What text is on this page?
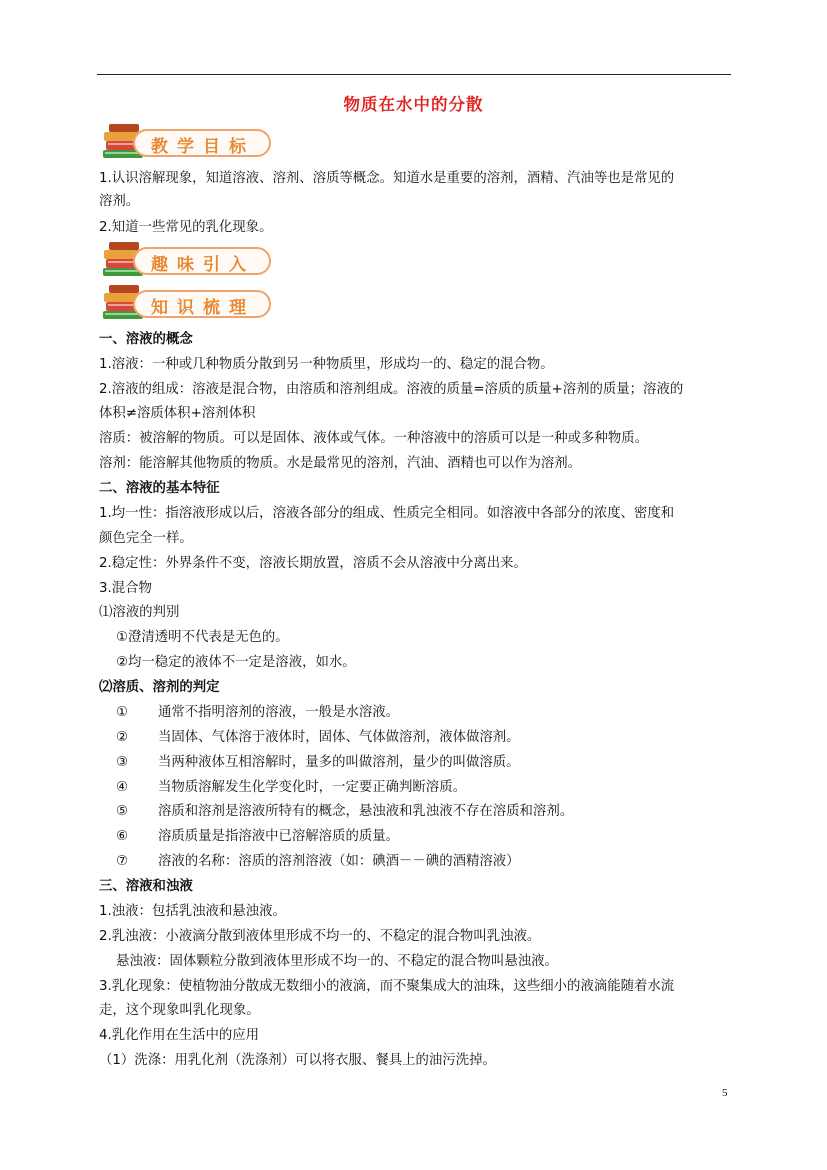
物质在水中的分散
教学目标
1.认识溶解现象，知道溶液、溶剂、溶质等概念。知道水是重要的溶剂，酒精、汽油等也是常见的
溶剂。
2.知道一些常见的乳化现象。
趣味引入
知识梳理
一、溶液的概念
1.溶液：一种或几种物质分散到另一种物质里，形成均一的、稳定的混合物。
2.溶液的组成：溶液是混合物，由溶质和溶剂组成。溶液的质量=溶质的质量+溶剂的质量；溶液的
体积≠溶质体积+溶剂体积
溶质：被溶解的物质。可以是固体、液体或气体。一种溶液中的溶质可以是一种或多种物质。
溶剂：能溶解其他物质的物质。水是最常见的溶剂，汽油、酒精也可以作为溶剂。
二、溶液的基本特征
1.均一性：指溶液形成以后，溶液各部分的组成、性质完全相同。如溶液中各部分的浓度、密度和
颜色完全一样。
2.稳定性：外界条件不变，溶液长期放置，溶质不会从溶液中分离出来。
3.混合物
⑴溶液的判别
①澄清透明不代表是无色的。
②均一稳定的液体不一定是溶液，如水。
⑵溶质、溶剂的判定
① 通常不指明溶剂的溶液，一般是水溶液。
② 当固体、气体溶于液体时，固体、气体做溶剂，液体做溶剂。
③ 当两种液体互相溶解时，量多的叫做溶剂，量少的叫做溶质。
④ 当物质溶解发生化学变化时，一定要正确判断溶质。
⑤ 溶质和溶剂是溶液所特有的概念，悬浊液和乳浊液不存在溶质和溶剂。
⑥ 溶质质量是指溶液中已溶解溶质的质量。
⑦ 溶液的名称：溶质的溶剂溶液（如：碘酒－－碘的酒精溶液）
三、溶液和浊液
1.浊液：包括乳浊液和悬浊液。
2.乳浊液：小液滴分散到液体里形成不均一的、不稳定的混合物叫乳浊液。
悬浊液：固体颗粒分散到液体里形成不均一的、不稳定的混合物叫悬浊液。
3.乳化现象：使植物油分散成无数细小的液滴，而不聚集成大的油珠，这些细小的液滴能随着水流
走，这个现象叫乳化现象。
4.乳化作用在生活中的应用
（1）洗涤：用乳化剂（洗涤剂）可以将衣服、餐具上的油污洗掉。
5
